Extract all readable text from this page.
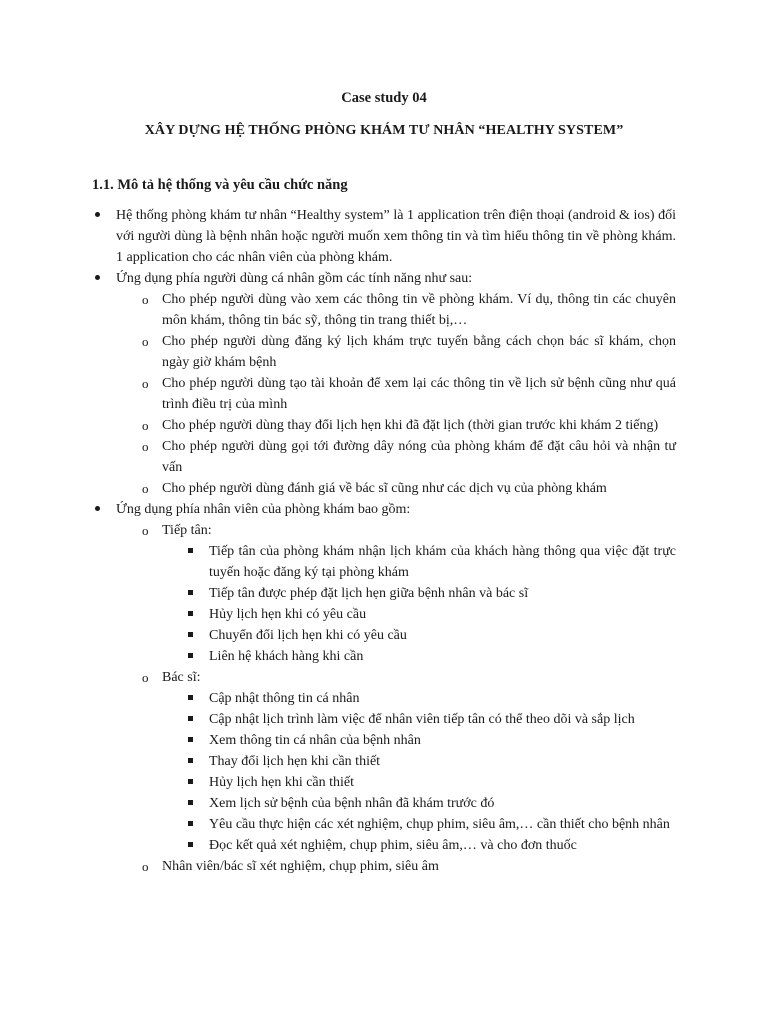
Case study 04
XÂY DỰNG HỆ THỐNG PHÒNG KHÁM TƯ NHÂN “HEALTHY SYSTEM”
1.1. Mô tả hệ thống và yêu cầu chức năng
Hệ thống phòng khám tư nhân “Healthy system” là 1 application trên điện thoại (android & ios) đối với người dùng là bệnh nhân hoặc người muốn xem thông tin và tìm hiểu thông tin về phòng khám. 1 application cho các nhân viên của phòng khám.
Ứng dụng phía người dùng cá nhân gồm các tính năng như sau:
o Cho phép người dùng vào xem các thông tin về phòng khám. Ví dụ, thông tin các chuyên môn khám, thông tin bác sỹ, thông tin trang thiết bị,…
o Cho phép người dùng đăng ký lịch khám trực tuyến bằng cách chọn bác sĩ khám, chọn ngày giờ khám bệnh
o Cho phép người dùng tạo tài khoản để xem lại các thông tin về lịch sử bệnh cũng như quá trình điều trị của mình
o Cho phép người dùng thay đổi lịch hẹn khi đã đặt lịch (thời gian trước khi khám 2 tiếng)
o Cho phép người dùng gọi tới đường dây nóng của phòng khám để đặt câu hỏi và nhận tư vấn
o Cho phép người dùng đánh giá về bác sĩ cũng như các dịch vụ của phòng khám
Ứng dụng phía nhân viên của phòng khám bao gồm:
o Tiếp tân:
Tiếp tân của phòng khám nhận lịch khám của khách hàng thông qua việc đặt trực tuyến hoặc đăng ký tại phòng khám
Tiếp tân được phép đặt lịch hẹn giữa bệnh nhân và bác sĩ
Hủy lịch hẹn khi có yêu cầu
Chuyển đổi lịch hẹn khi có yêu cầu
Liên hệ khách hàng khi cần
o Bác sĩ:
Cập nhật thông tin cá nhân
Cập nhật lịch trình làm việc để nhân viên tiếp tân có thể theo dõi và sắp lịch
Xem thông tin cá nhân của bệnh nhân
Thay đổi lịch hẹn khi cần thiết
Hủy lịch hẹn khi cần thiết
Xem lịch sử bệnh của bệnh nhân đã khám trước đó
Yêu cầu thực hiện các xét nghiệm, chụp phim, siêu âm,… cần thiết cho bệnh nhân
Đọc kết quả xét nghiệm, chụp phim, siêu âm,… và cho đơn thuốc
o Nhân viên/bác sĩ xét nghiệm, chụp phim, siêu âm
